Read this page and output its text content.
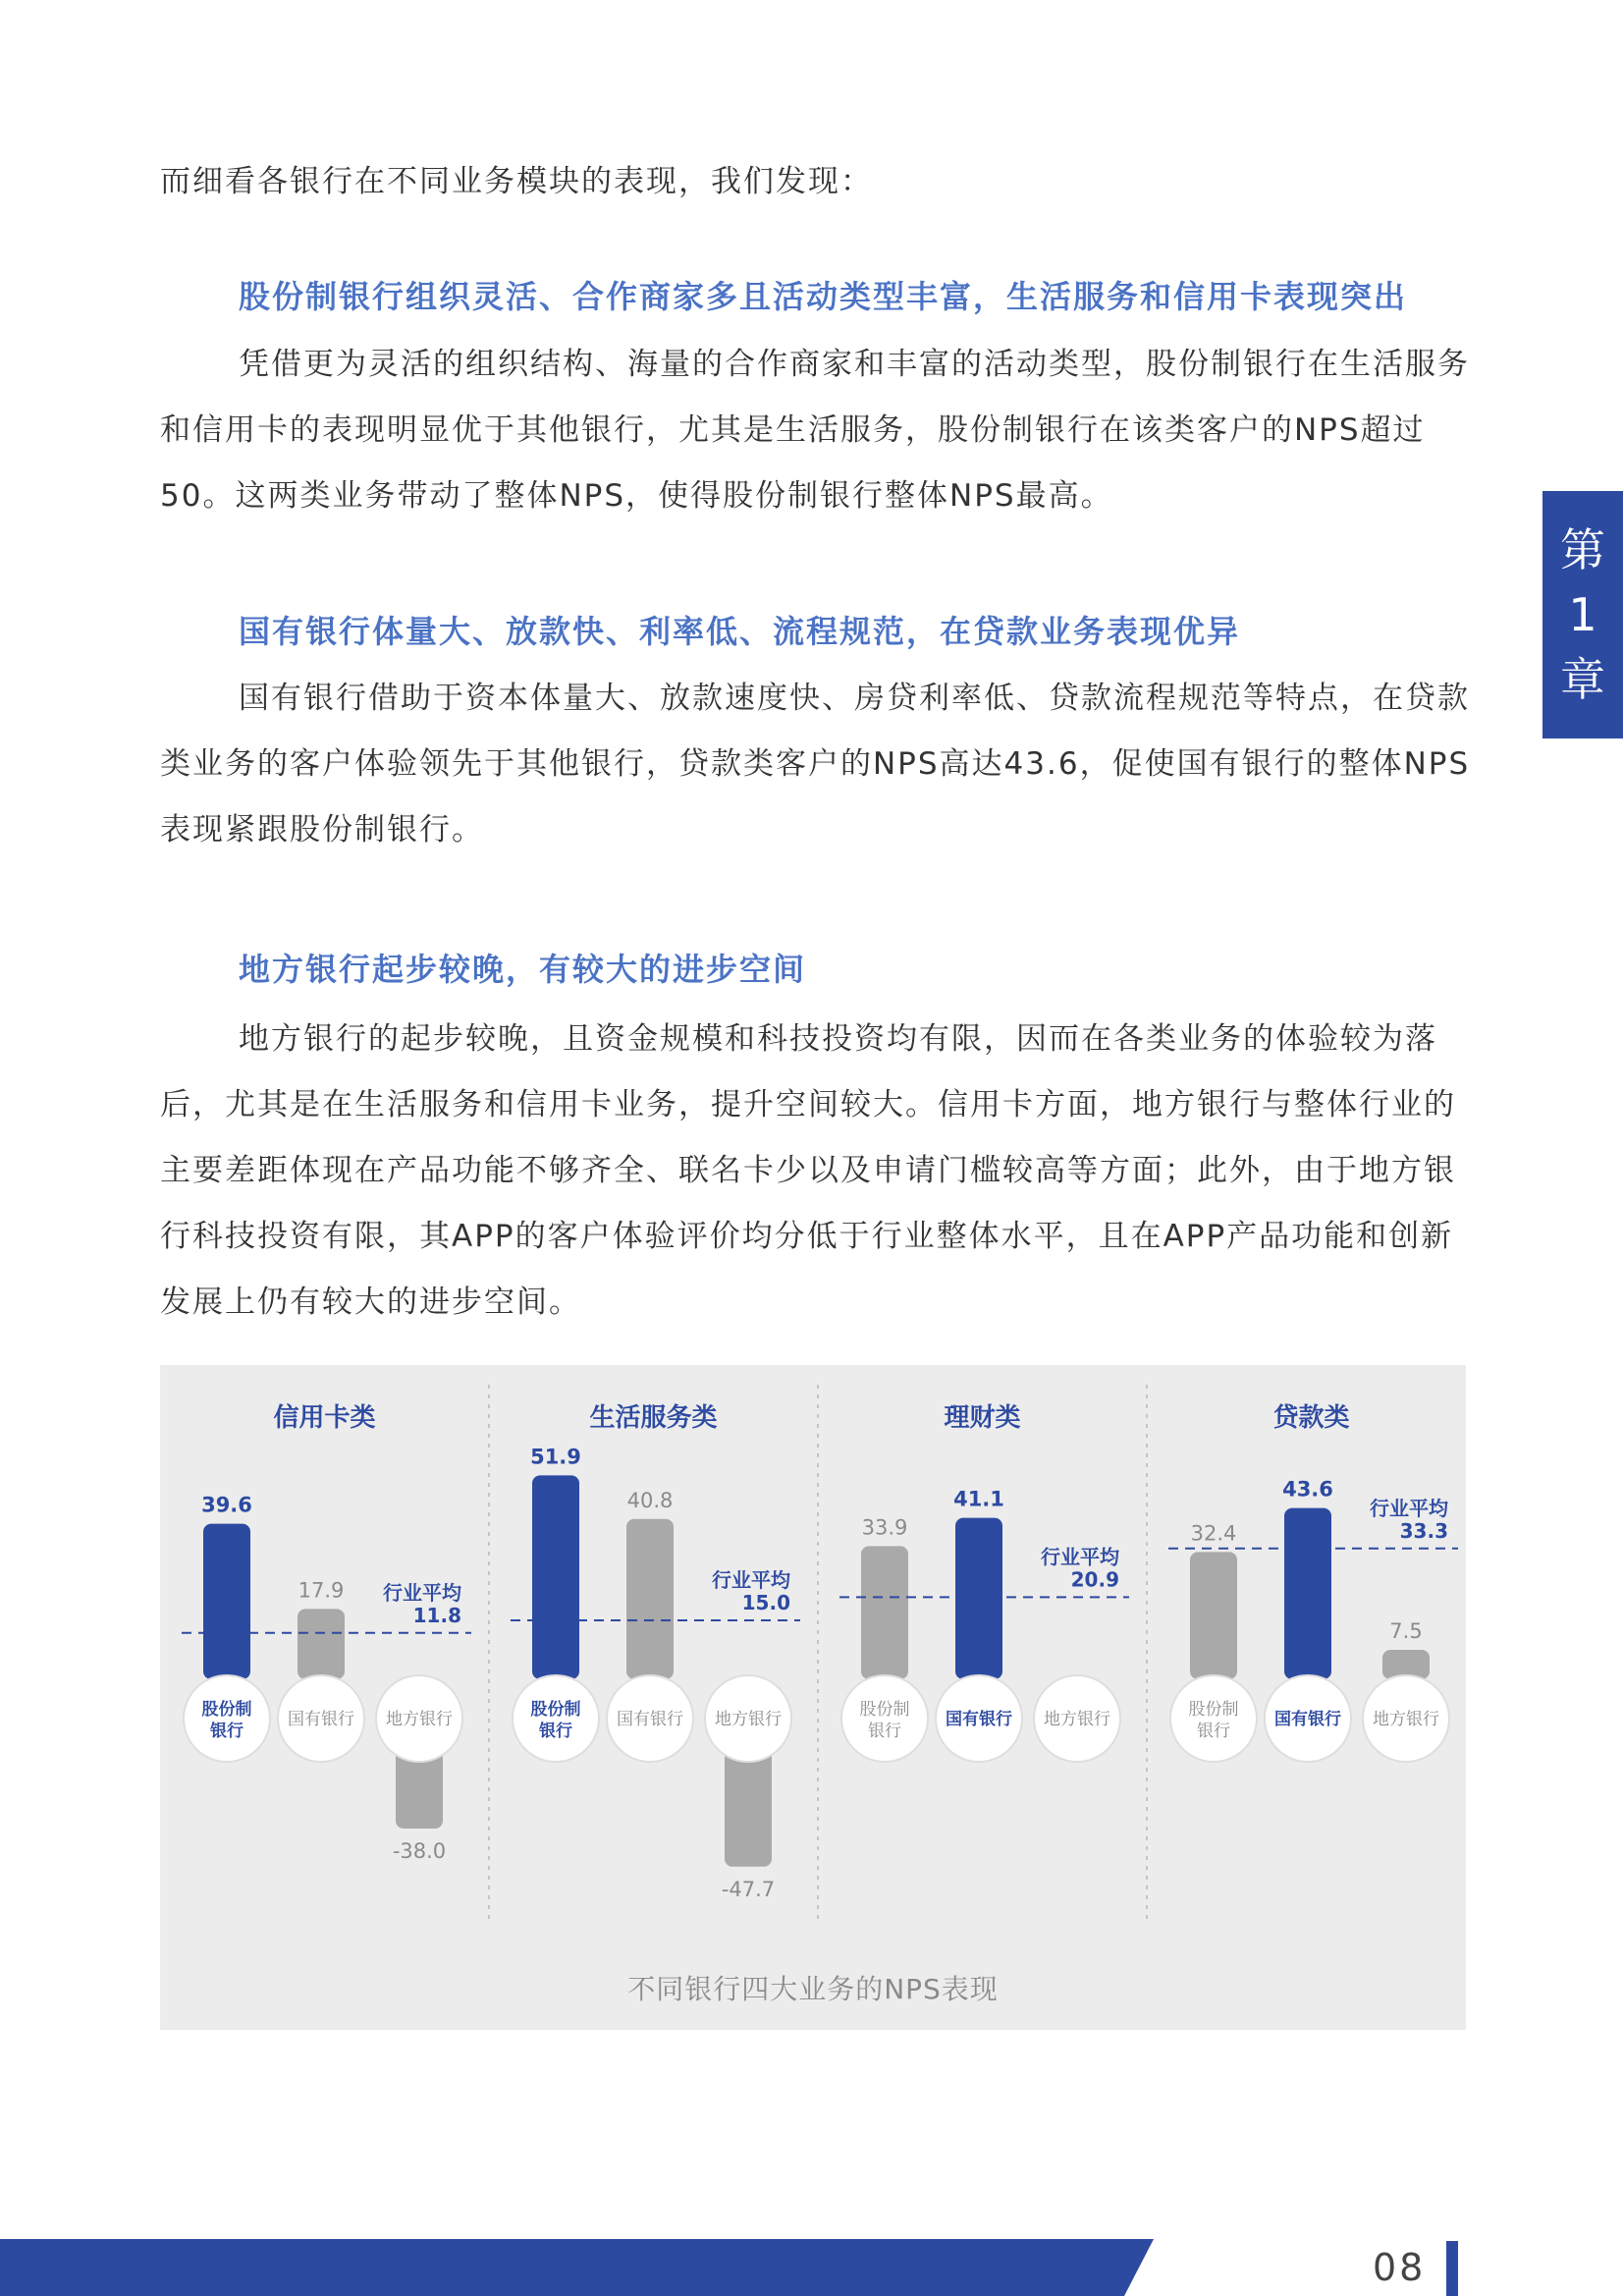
而细看各银行在不同业务模块的表现，我们发现：

股份制银行组织灵活、合作商家多且活动类型丰富，生活服务和信用卡表现突出

凭借更为灵活的组织结构、海量的合作商家和丰富的活动类型，股份制银行在生活服务和信用卡的表现明显优于其他银行，尤其是生活服务，股份制银行在该类客户的NPS超过50。这两类业务带动了整体NPS，使得股份制银行整体NPS最高。

国有银行体量大、放款快、利率低、流程规范，在贷款业务表现优异

国有银行借助于资本体量大、放款速度快、房贷利率低、贷款流程规范等特点，在贷款类业务的客户体验领先于其他银行，贷款类客户的NPS高达43.6，促使国有银行的整体NPS表现紧跟股份制银行。

地方银行起步较晚，有较大的进步空间

地方银行的起步较晚，且资金规模和科技投资均有限，因而在各类业务的体验较为落后，尤其是在生活服务和信用卡业务，提升空间较大。信用卡方面，地方银行与整体行业的主要差距体现在产品功能不够齐全、联名卡少以及申请门槛较高等方面；此外，由于地方银行科技投资有限，其APP的客户体验评价均分低于行业整体水平，且在APP产品功能和创新发展上仍有较大的进步空间。

第
1
章
信用卡类
39.6
17.9
-38.0
行业平均
11.8
股份制
银行
国有银行 地方银行
生活服务类
51.9
40.8
-47.7
行业平均
15.0
股份制
银行
国有银行 地方银行
理财类
33.9
41.1
行业平均
20.9
股份制
银行
国有银行 地方银行
贷款类
32.4
43.6
7.5
行业平均
33.3
股份制
银行
国有银行 地方银行
不同银行四大业务的NPS表现
08
